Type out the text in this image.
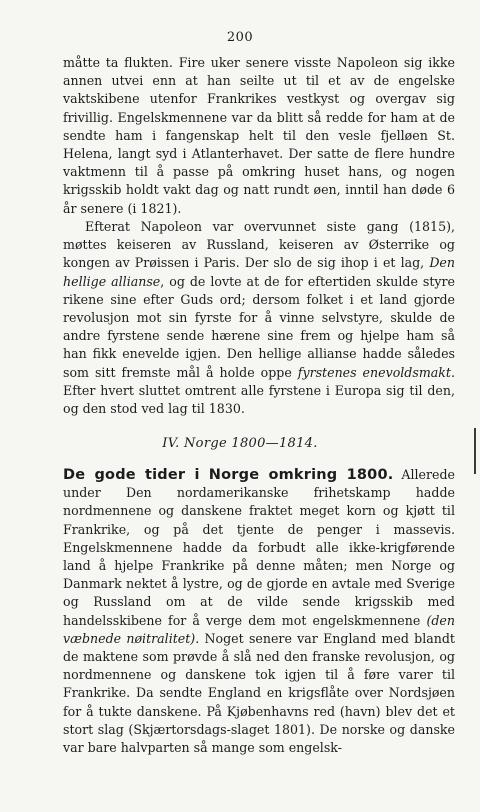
200

måtte ta flukten. Fire uker senere visste Napoleon sig ikke annen utvei enn at han seilte ut til et av de engelske vaktskibene utenfor Frankrikes vestkyst og overgav sig frivillig. Engelskmennene var da blitt så redde for ham at de sendte ham i fangenskap helt til den vesle fjelløen St. Helena, langt syd i Atlanterhavet. Der satte de flere hundre vaktmenn til å passe på omkring huset hans, og nogen krigsskib holdt vakt dag og natt rundt øen, inntil han døde 6 år senere (i 1821).

Efterat Napoleon var overvunnet siste gang (1815), møttes keiseren av Russland, keiseren av Østerrike og kongen av Prøissen i Paris. Der slo de sig ihop i et lag, Den hellige allianse, og de lovte at de for eftertiden skulde styre rikene sine efter Guds ord; dersom folket i et land gjorde revolusjon mot sin fyrste for å vinne selvstyre, skulde de andre fyrstene sende hærene sine frem og hjelpe ham så han fikk enevelde igjen. Den hellige allianse hadde således som sitt fremste mål å holde oppe fyrstenes enevoldsmakt. Efter hvert sluttet omtrent alle fyrstene i Europa sig til den, og den stod ved lag til 1830.

IV. Norge 1800—1814.

De gode tider i Norge omkring 1800. Allerede under Den nordamerikanske frihetskamp hadde nordmennene og danskene fraktet meget korn og kjøtt til Frankrike, og på det tjente de penger i massevis. Engelskmennene hadde da forbudt alle ikke-krigførende land å hjelpe Frankrike på denne måten; men Norge og Danmark nektet å lystre, og de gjorde en avtale med Sverige og Russland om at de vilde sende krigsskib med handelsskibene for å verge dem mot engelskmennene (den væbnede nøitralitet). Noget senere var England med blandt de maktene som prøvde å slå ned den franske revolusjon, og nordmennene og danskene tok igjen til å føre varer til Frankrike. Da sendte England en krigsflåte over Nordsjøen for å tukte danskene. På Kjøbenhavns red (havn) blev det et stort slag (Skjærtorsdags-slaget 1801). De norske og danske var bare halvparten så mange som engelsk-
